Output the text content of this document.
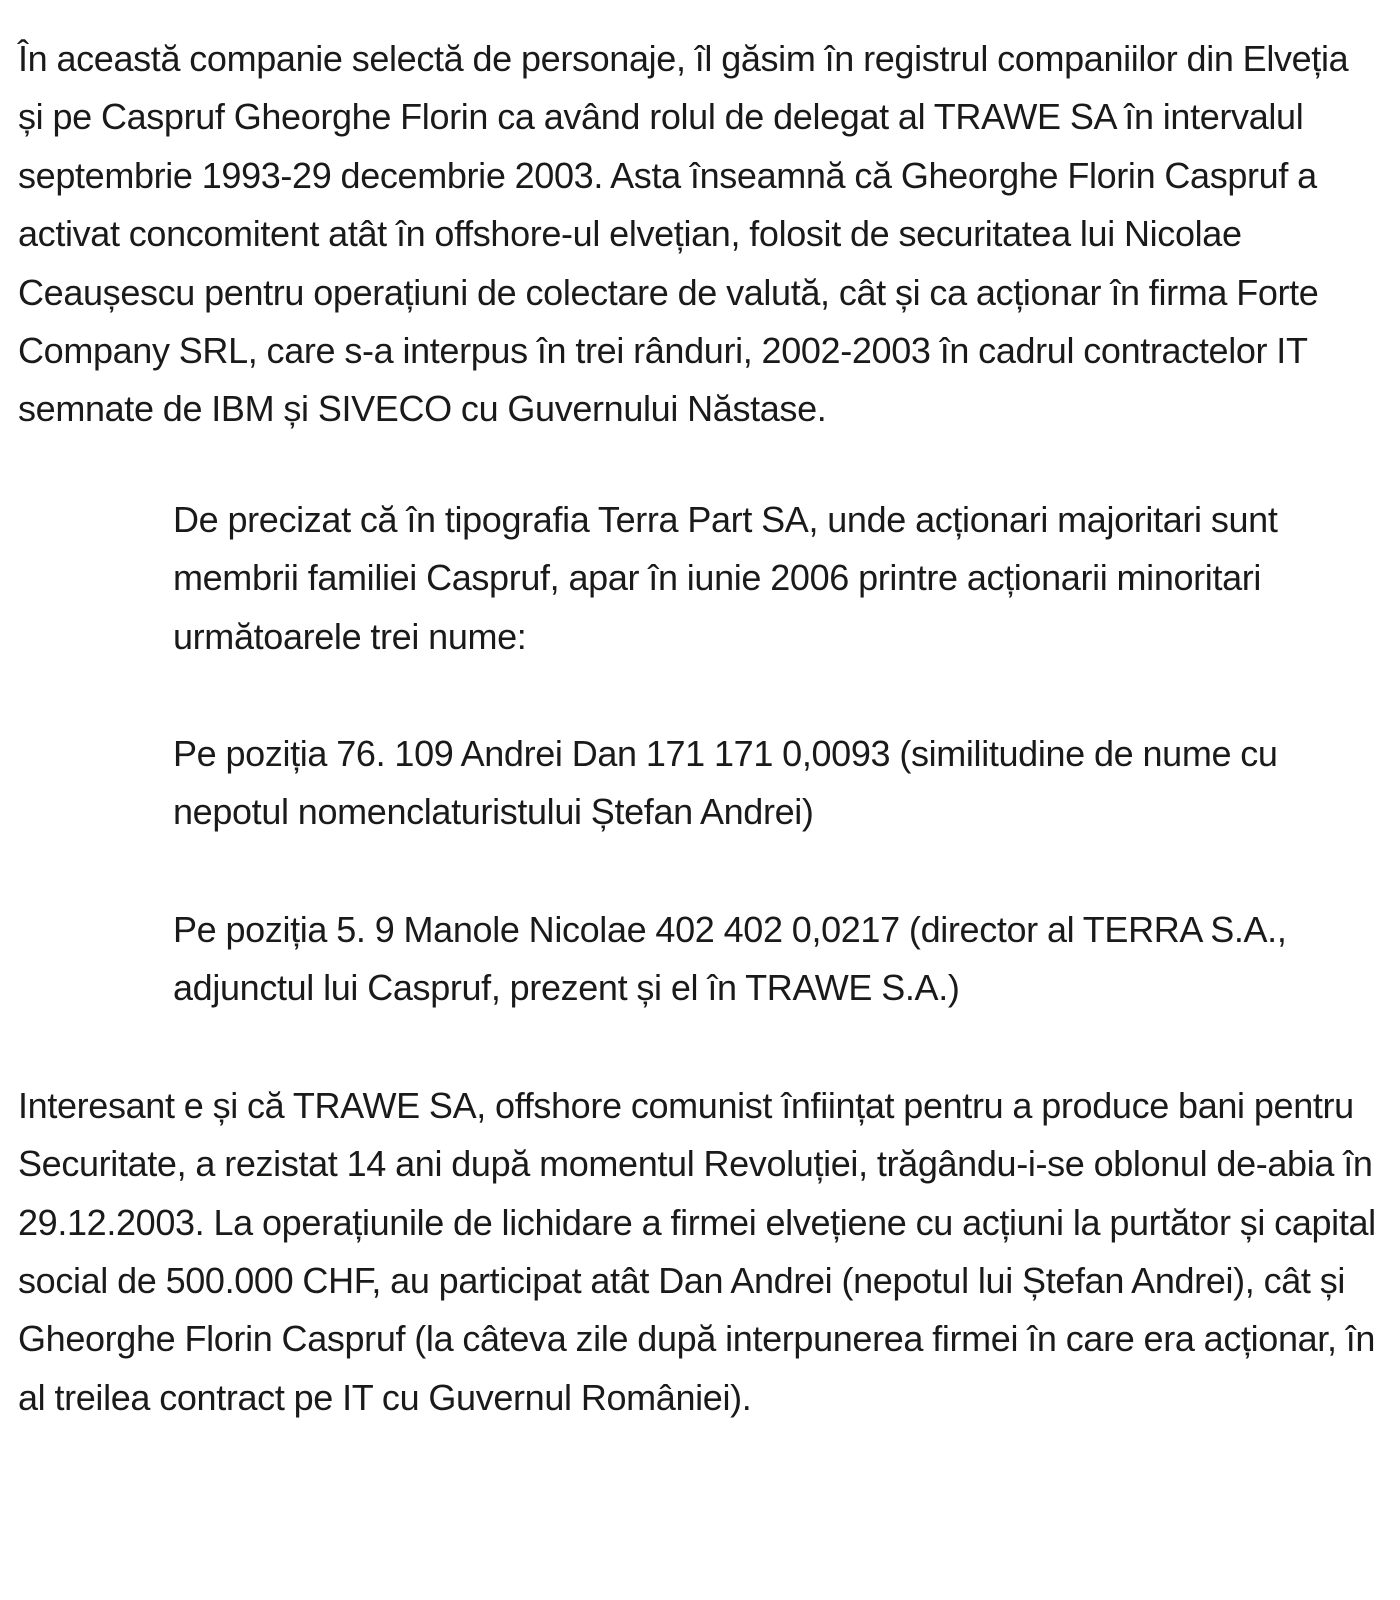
În această companie selectă de personaje, îl găsim în registrul companiilor din Elveția și pe Caspruf Gheorghe Florin ca având rolul de delegat al TRAWE SA în intervalul septembrie 1993-29 decembrie 2003. Asta înseamnă că Gheorghe Florin Caspruf a activat concomitent atât în offshore-ul elvețian, folosit de securitatea lui Nicolae Ceaușescu pentru operațiuni de colectare de valută, cât și ca acționar în firma Forte Company SRL, care s-a interpus în trei rânduri, 2002-2003 în cadrul contractelor IT semnate de IBM și SIVECO cu Guvernului Năstase.

De precizat că în tipografia Terra Part SA, unde acționari majoritari sunt membrii familiei Caspruf, apar în iunie 2006 printre acționarii minoritari următoarele trei nume:

Pe poziția 76. 109 Andrei Dan 171 171 0,0093 (similitudine de nume cu nepotul nomenclaturistului Ștefan Andrei)

Pe poziția 5. 9 Manole Nicolae 402 402 0,0217 (director al TERRA S.A., adjunctul lui Caspruf, prezent și el în TRAWE S.A.)

Interesant e și că TRAWE SA, offshore comunist înființat pentru a produce bani pentru Securitate, a rezistat 14 ani după momentul Revoluției, trăgându-i-se oblonul de-abia în 29.12.2003. La operațiunile de lichidare a firmei elvețiene cu acțiuni la purtător și capital social de 500.000 CHF, au participat atât Dan Andrei (nepotul lui Ștefan Andrei), cât și Gheorghe Florin Caspruf (la câteva zile după interpunerea firmei în care era acționar, în al treilea contract pe IT cu Guvernul României).
